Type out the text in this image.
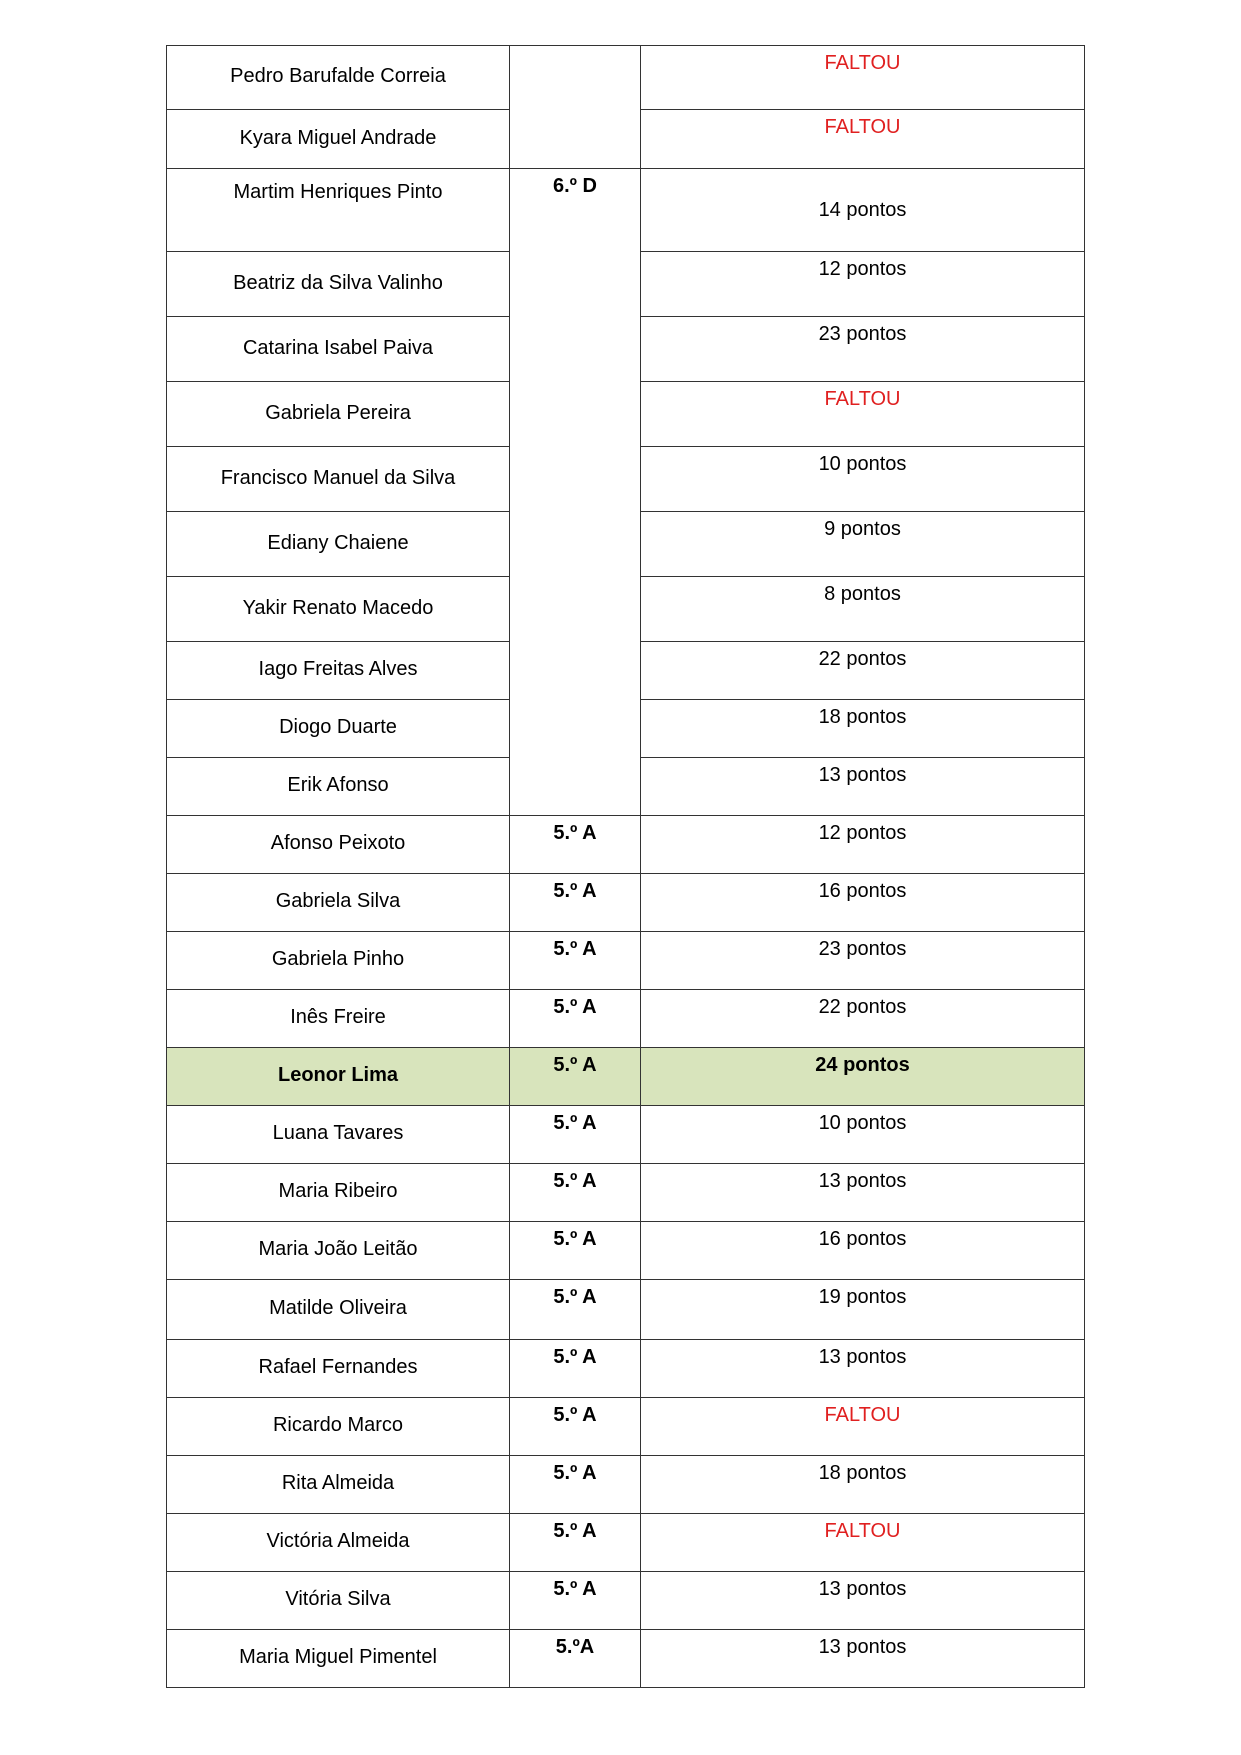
Pedro Barufalde Correia		FALTOU
Kyara Miguel Andrade		FALTOU
Martim Henriques Pinto	6.º D	14 pontos
Beatriz da Silva Valinho		12 pontos
Catarina Isabel Paiva		23 pontos
Gabriela Pereira		FALTOU
Francisco Manuel da Silva		10 pontos
Ediany Chaiene		9 pontos
Yakir Renato Macedo		8 pontos
Iago Freitas Alves		22 pontos
Diogo Duarte		18 pontos
Erik Afonso		13 pontos
Afonso Peixoto	5.º A	12 pontos
Gabriela Silva	5.º A	16 pontos
Gabriela Pinho	5.º A	23 pontos
Inês Freire	5.º A	22 pontos
Leonor Lima	5.º A	24 pontos
Luana Tavares	5.º A	10 pontos
Maria Ribeiro	5.º A	13 pontos
Maria João Leitão	5.º A	16 pontos
Matilde Oliveira	5.º A	19 pontos
Rafael Fernandes	5.º A	13 pontos
Ricardo Marco	5.º A	FALTOU
Rita Almeida	5.º A	18 pontos
Victória Almeida	5.º A	FALTOU
Vitória Silva	5.º A	13 pontos
Maria Miguel Pimentel	5.ºA	13 pontos
